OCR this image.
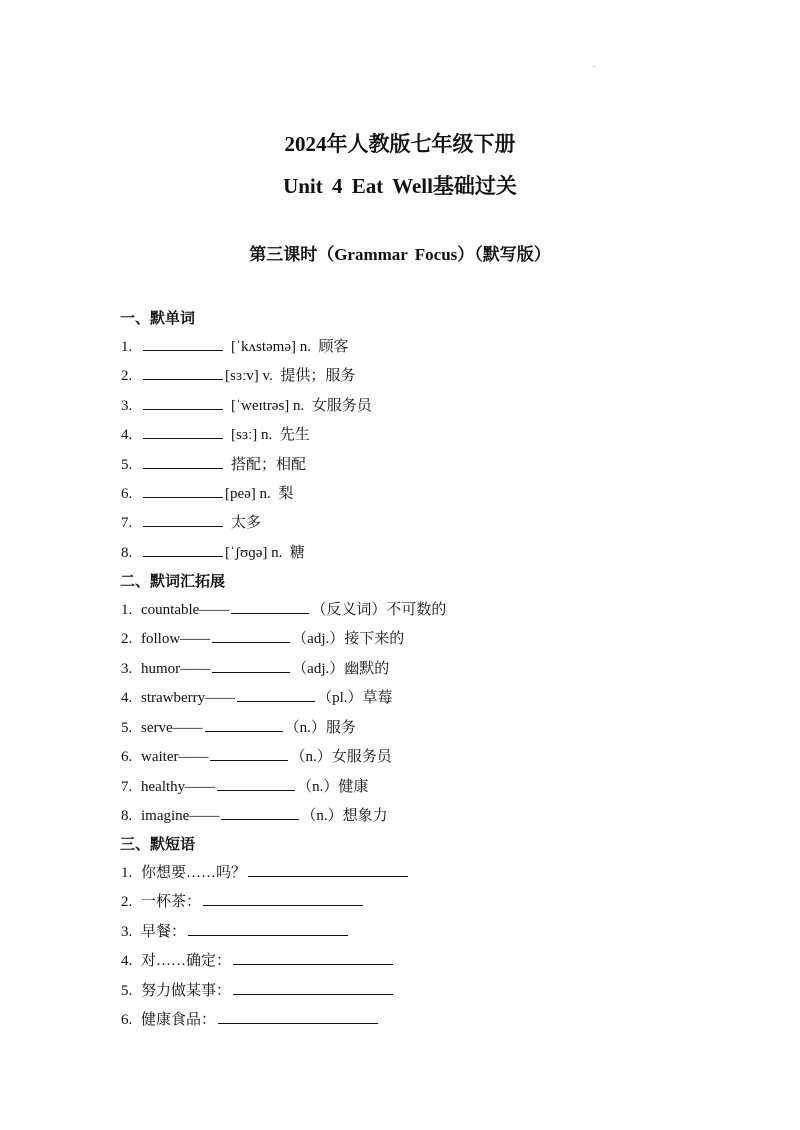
.
2024年人教版七年级下册
Unit 4 Eat Well基础过关
第三课时（Grammar Focus）（默写版）
一、默单词
1.	[ˈkʌstəmə] n.  顾客
2.	[sɜːv] v.  提供；服务
3.	[ˈweɪtrəs] n.  女服务员
4.	[sɜː] n.  先生
5.	搭配；相配
6.	[peə] n.  梨
7.	太多
8.	[ˈʃʊɡə] n.  糖
二、默词汇拓展
1. countable——	（反义词）不可数的
2. follow——	（adj.）接下来的
3. humor——	（adj.）幽默的
4. strawberry——	（pl.）草莓
5. serve——	（n.）服务
6. waiter——	（n.）女服务员
7. healthy——	（n.）健康
8. imagine——	（n.）想象力
三、默短语
1. 你想要……吗？
2. 一杯茶：
3. 早餐：
4. 对……确定：
5. 努力做某事：
6. 健康食品：
